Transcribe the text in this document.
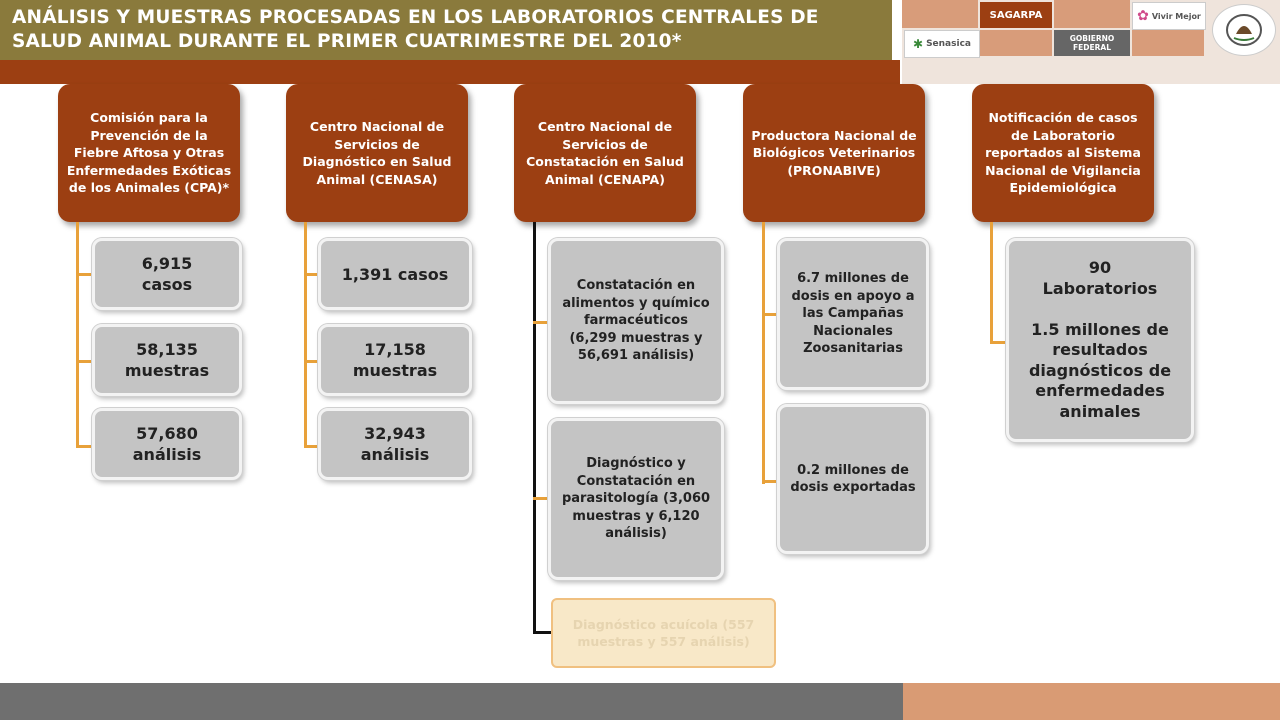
ANÁLISIS Y MUESTRAS PROCESADAS EN LOS LABORATORIOS CENTRALES DE SALUD ANIMAL DURANTE EL PRIMER CUATRIMESTRE DEL 2010*
SAGARPA
GOBIERNO FEDERAL
✱ Senasica
✿ Vivir Mejor
Comisión para la Prevención de la Fiebre Aftosa y Otras Enfermedades Exóticas de los Animales (CPA)*
6,915
casos
58,135
muestras
57,680
análisis
Centro Nacional de Servicios de Diagnóstico en Salud Animal (CENASA)
1,391 casos
17,158
muestras
32,943
análisis
Centro Nacional de Servicios de Constatación en Salud Animal (CENAPA)
Constatación en alimentos y químico farmacéuticos (6,299 muestras y 56,691 análisis)
Diagnóstico y Constatación en parasitología (3,060 muestras y 6,120 análisis)
Diagnóstico acuícola (557 muestras y 557 análisis)
Productora Nacional de Biológicos Veterinarios (PRONABIVE)
6.7 millones de dosis en apoyo a las Campañas Nacionales Zoosanitarias
0.2 millones de dosis exportadas
Notificación de casos de Laboratorio reportados al Sistema Nacional de Vigilancia Epidemiológica
90
Laboratorios

1.5 millones de resultados diagnósticos de enfermedades animales
